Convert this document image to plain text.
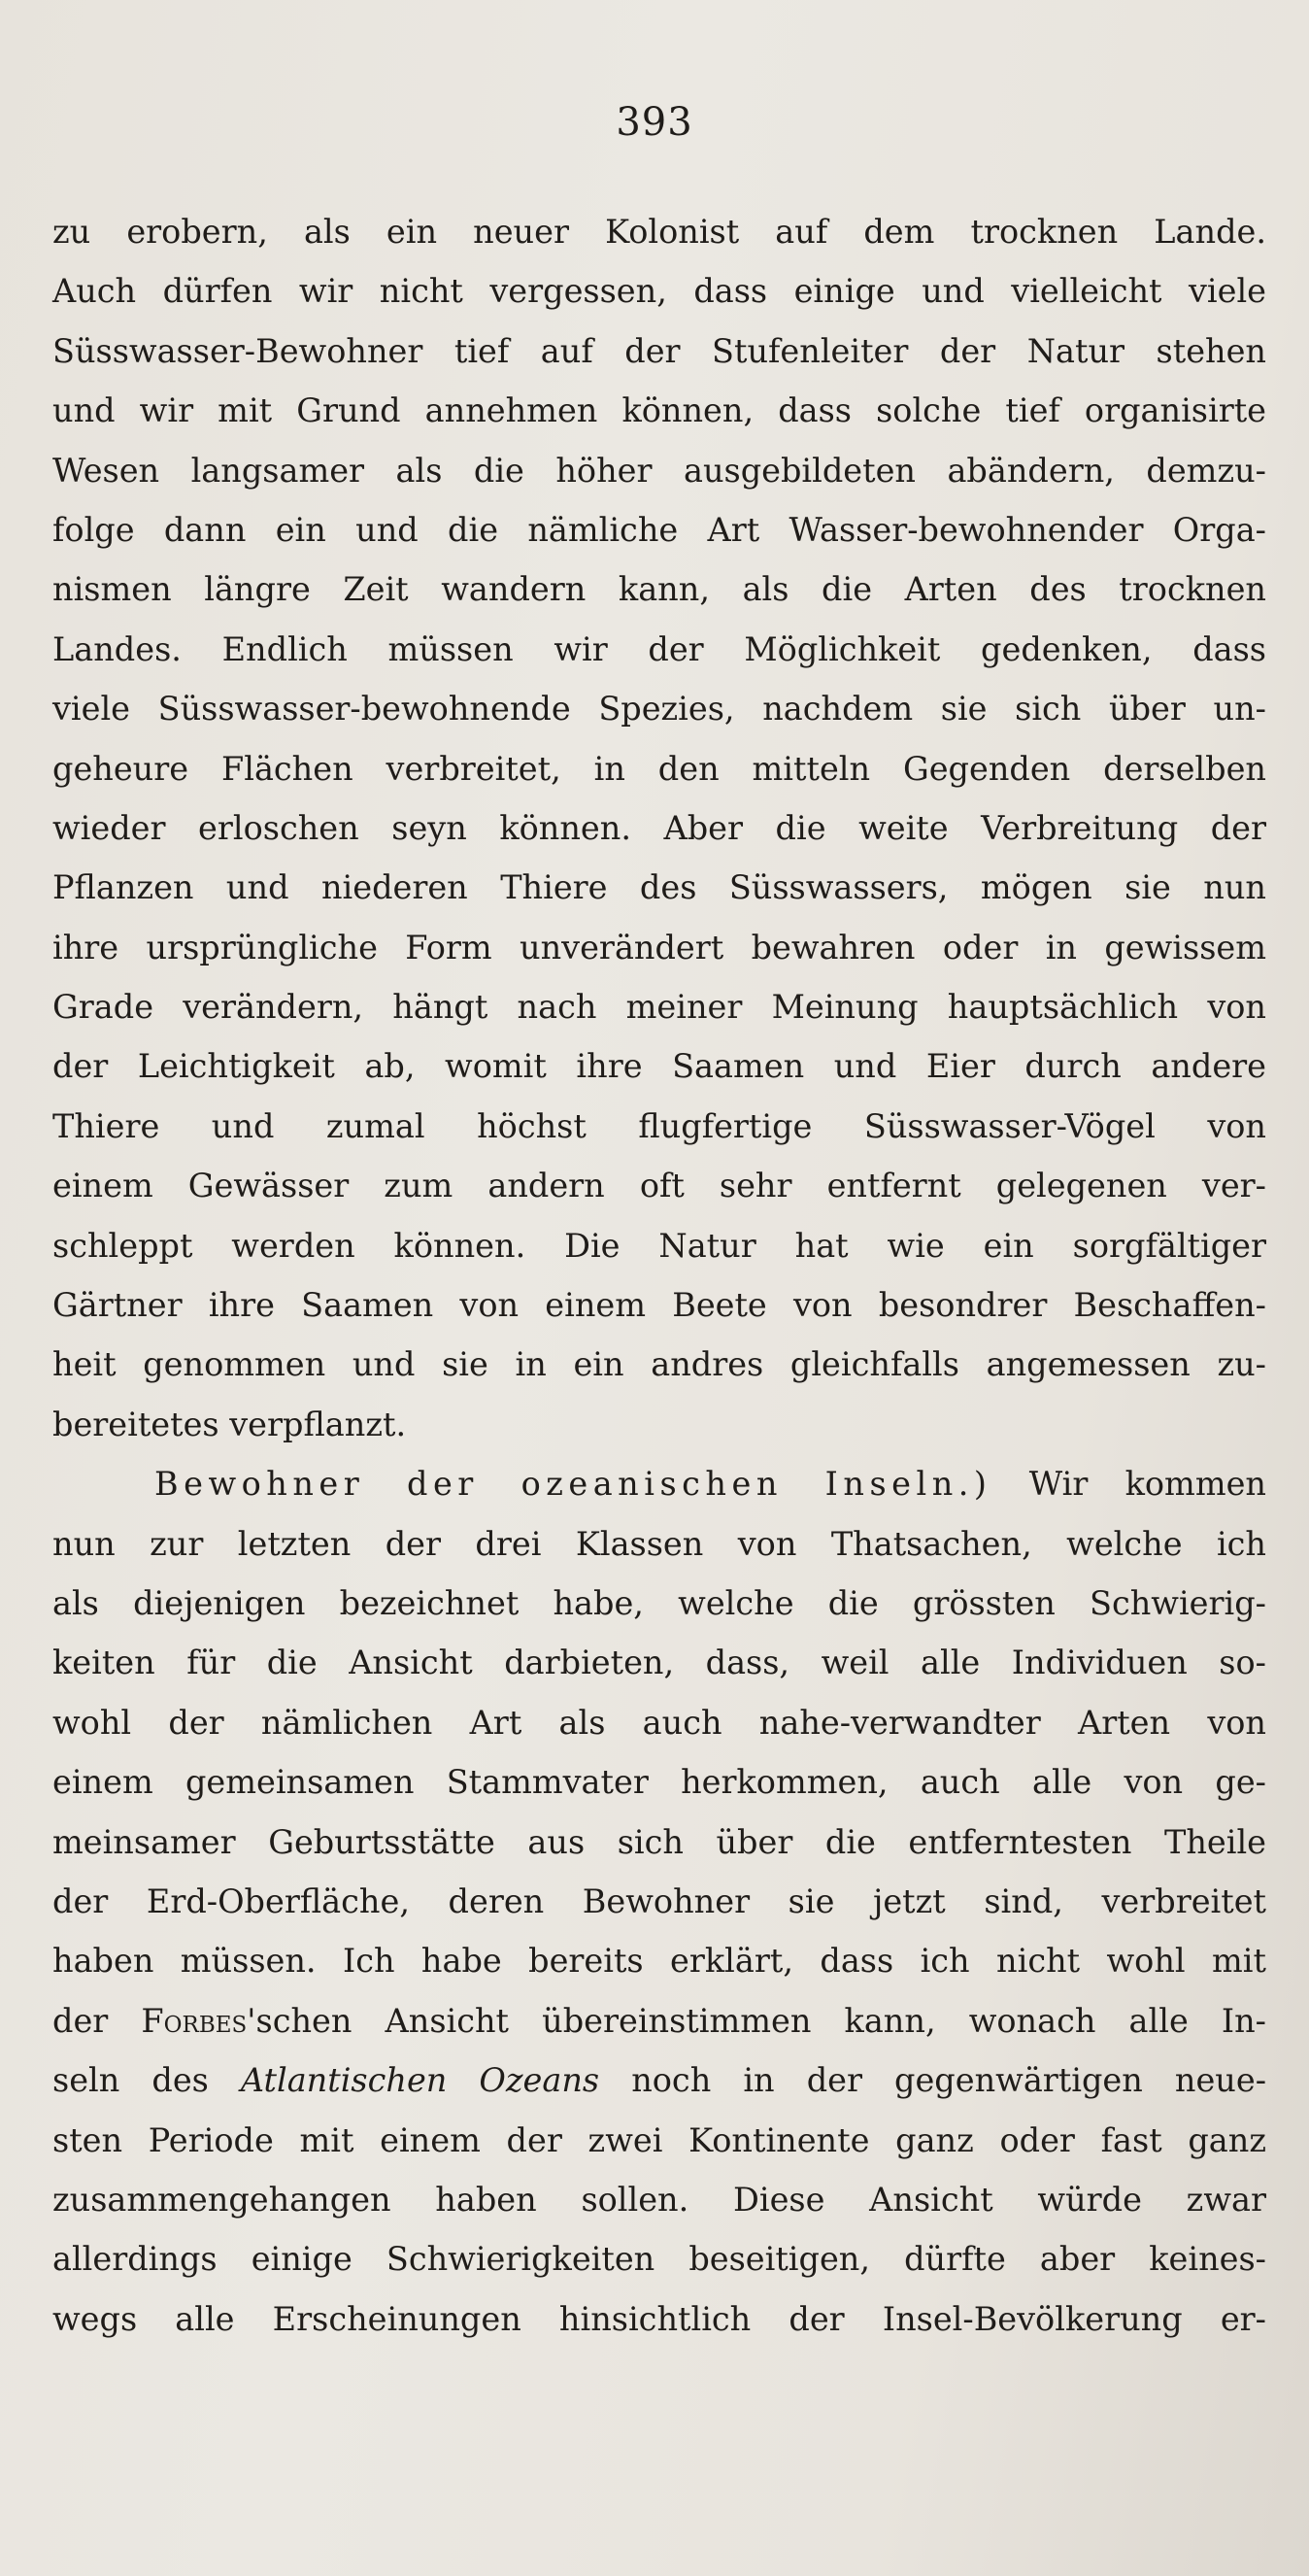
393
zu erobern, als ein neuer Kolonist auf dem trocknen Lande.
Auch dürfen wir nicht vergessen, dass einige und vielleicht viele
Süsswasser-Bewohner tief auf der Stufenleiter der Natur stehen
und wir mit Grund annehmen können, dass solche tief organisirte
Wesen langsamer als die höher ausgebildeten abändern, demzu-
folge dann ein und die nämliche Art Wasser-bewohnender Orga-
nismen längre Zeit wandern kann, als die Arten des trocknen
Landes. Endlich müssen wir der Möglichkeit gedenken, dass
viele Süsswasser-bewohnende Spezies, nachdem sie sich über un-
geheure Flächen verbreitet, in den mitteln Gegenden derselben
wieder erloschen seyn können. Aber die weite Verbreitung der
Pflanzen und niederen Thiere des Süsswassers, mögen sie nun
ihre ursprüngliche Form unverändert bewahren oder in gewissem
Grade verändern, hängt nach meiner Meinung hauptsächlich von
der Leichtigkeit ab, womit ihre Saamen und Eier durch andere
Thiere und zumal höchst flugfertige Süsswasser-Vögel von
einem Gewässer zum andern oft sehr entfernt gelegenen ver-
schleppt werden können. Die Natur hat wie ein sorgfältiger
Gärtner ihre Saamen von einem Beete von besondrer Beschaffen-
heit genommen und sie in ein andres gleichfalls angemessen zu-
bereitetes verpflanzt.
Bewohner der ozeanischen Inseln.) Wir kommen
nun zur letzten der drei Klassen von Thatsachen, welche ich
als diejenigen bezeichnet habe, welche die grössten Schwierig-
keiten für die Ansicht darbieten, dass, weil alle Individuen so-
wohl der nämlichen Art als auch nahe-verwandter Arten von
einem gemeinsamen Stammvater herkommen, auch alle von ge-
meinsamer Geburtsstätte aus sich über die entferntesten Theile
der Erd-Oberfläche, deren Bewohner sie jetzt sind, verbreitet
haben müssen. Ich habe bereits erklärt, dass ich nicht wohl mit
der Forbes'schen Ansicht übereinstimmen kann, wonach alle In-
seln des Atlantischen Ozeans noch in der gegenwärtigen neue-
sten Periode mit einem der zwei Kontinente ganz oder fast ganz
zusammengehangen haben sollen. Diese Ansicht würde zwar
allerdings einige Schwierigkeiten beseitigen, dürfte aber keines-
wegs alle Erscheinungen hinsichtlich der Insel-Bevölkerung er-
